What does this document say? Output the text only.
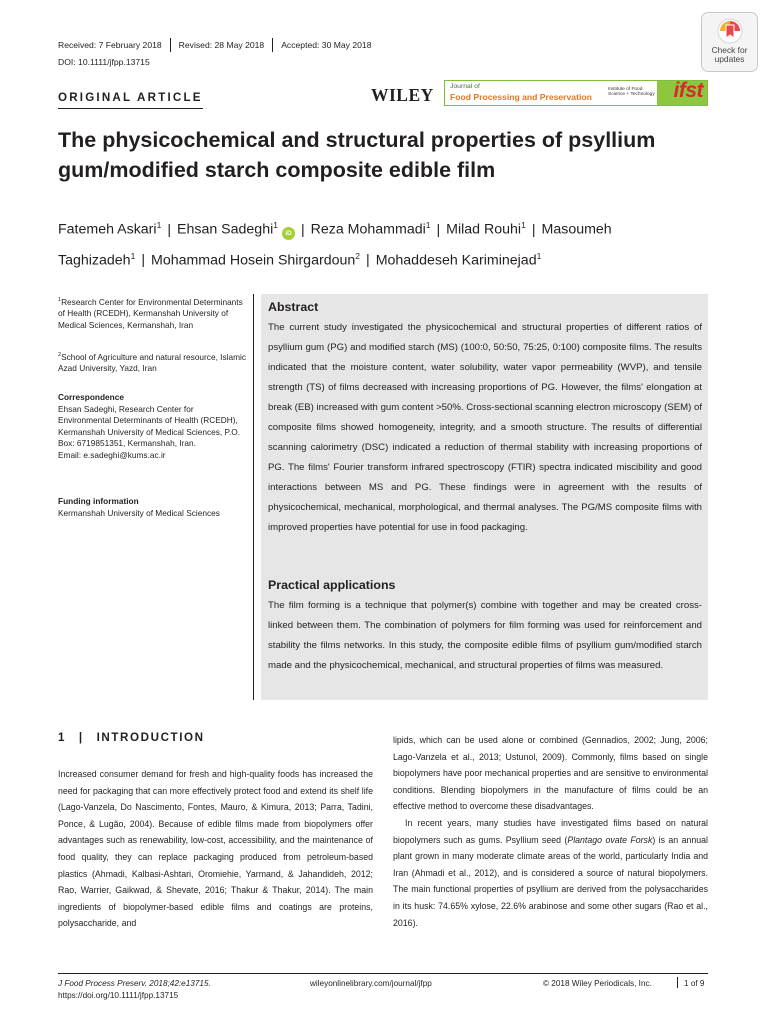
Received: 7 February 2018 Revised: 28 May 2018 Accepted: 30 May 2018
DOI: 10.1111/jfpp.13715
Check for
updates
ORIGINAL ARTICLE	WILEY Journal of
Food Processing and Preservation
Institute of Food Science + Technology ifst
The physicochemical and structural properties of psyllium gum/modified starch composite edible film
Fatemeh Askari$^1$ | Ehsan Sadeghi$^1$ iD | Reza Mohammadi$^1$ | Milad Rouhi$^1$ | Masoumeh
Taghizadeh$^1$ | Mohammad Hosein Shirgardoun$^2$ | Mohaddeseh Kariminejad$^1$
$^1$Research Center for Environmental Determinants of Health (RCEDH), Kermanshah University of Medical Sciences, Kermanshah, Iran
$^2$School of Agriculture and natural resource, Islamic Azad University, Yazd, Iran
Correspondence
Ehsan Sadeghi, Research Center for Environmental Determinants of Health (RCEDH), Kermanshah University of Medical Sciences, P.O. Box: 6719851351, Kermanshah, Iran.
Email: e.sadeghi@kums.ac.ir
Funding information
Kermanshah University of Medical Sciences
Abstract
The current study investigated the physicochemical and structural properties of different ratios of psyllium gum (PG) and modified starch (MS) (100:0, 50:50, 75:25, 0:100) composite films. The results indicated that the moisture content, water solubility, water vapor permeability (WVP), and tensile strength (TS) of films decreased with increasing proportions of PG. However, the films' elongation at break (EB) increased with gum content >50%. Cross-sectional scanning electron microscopy (SEM) of composite films showed homogeneity, integrity, and a smooth structure. The results of differential scanning calorimetry (DSC) indicated a reduction of thermal stability with increasing proportions of PG. The films' Fourier transform infrared spectroscopy (FTIR) spectra indicated miscibility and good interactions between MS and PG. These findings were in agreement with the results of physicochemical, mechanical, morphological, and thermal analyses. The PG/MS composite films with improved properties have potential for use in food packaging.
Practical applications
The film forming is a technique that polymer(s) combine with together and may be created cross-linked between them. The combination of polymers for film forming was used for reinforcement and stability the films networks. In this study, the composite edible films of psyllium gum/modified starch made and the physicochemical, mechanical, and structural properties of films was measured.
1 | INTRODUCTION

Increased consumer demand for fresh and high-quality foods has increased the need for packaging that can more effectively protect food and extend its shelf life (Lago-Vanzela, Do Nascimento, Fontes, Mauro, & Kimura, 2013; Parra, Tadini, Ponce, & Lugão, 2004). Because of edible films made from biopolymers offer advantages such as renewability, low-cost, accessibility, and the maintenance of food quality, they can replace packaging produced from petroleum-based plastics (Ahmadi, Kalbasi-Ashtari, Oromiehie, Yarmand, & Jahandideh, 2012; Rao, Warrier, Gaikwad, & Shevate, 2016; Thakur & Thakur, 2014). The main ingredients of biopolymer-based edible films and coatings are proteins, polysaccharide, and

lipids, which can be used alone or combined (Gennadios, 2002; Jung, 2006; Lago-Vanzela et al., 2013; Ustunol, 2009). Commonly, films based on single biopolymers have poor mechanical properties and are sensitive to environmental conditions. Blending biopolymers in the manufacture of films could be an effective method to overcome these disadvantages.

In recent years, many studies have investigated films based on natural biopolymers such as gums. Psyllium seed (Plantago ovate Forsk) is an annual plant grown in many moderate climate areas of the world, particularly India and Iran (Ahmadi et al., 2012), and is considered a source of natural biopolymers. The main functional properties of psyllium are derived from the polysaccharides in its husk: 74.65% xylose, 22.6% arabinose and some other sugars (Rao et al., 2016).

J Food Process Preserv. 2018;42:e13715.
https://doi.org/10.1111/jfpp.13715
wileyonlinelibrary.com/journal/jfpp	© 2018 Wiley Periodicals, Inc.	1 of 9
